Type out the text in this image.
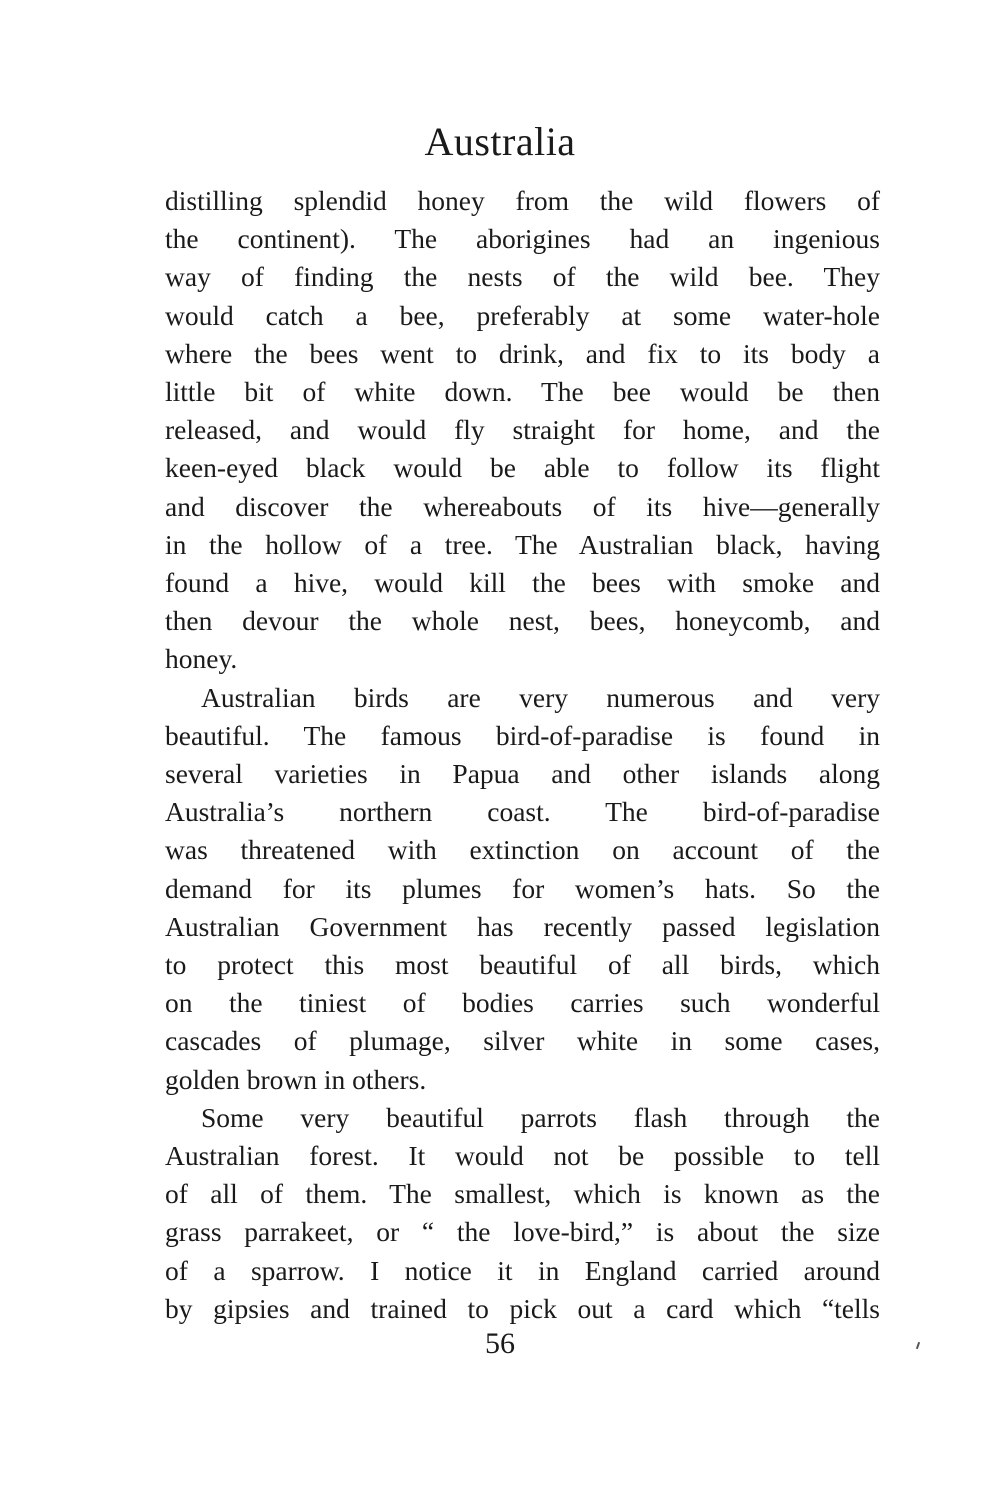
Australia
distilling splendid honey from the wild flowers of
the continent). The aborigines had an ingenious
way of finding the nests of the wild bee. They
would catch a bee, preferably at some water-hole
where the bees went to drink, and fix to its body a
little bit of white down. The bee would be then
released, and would fly straight for home, and the
keen-eyed black would be able to follow its flight
and discover the whereabouts of its hive—generally
in the hollow of a tree. The Australian black, having
found a hive, would kill the bees with smoke and
then devour the whole nest, bees, honeycomb, and
honey.
Australian birds are very numerous and very
beautiful. The famous bird-of-paradise is found in
several varieties in Papua and other islands along
Australia’s northern coast. The bird-of-paradise
was threatened with extinction on account of the
demand for its plumes for women’s hats. So the
Australian Government has recently passed legislation
to protect this most beautiful of all birds, which
on the tiniest of bodies carries such wonderful
cascades of plumage, silver white in some cases,
golden brown in others.
Some very beautiful parrots flash through the
Australian forest. It would not be possible to tell
of all of them. The smallest, which is known as the
grass parrakeet, or “ the love-bird,” is about the size
of a sparrow. I notice it in England carried around
by gipsies and trained to pick out a card which “tells
56
